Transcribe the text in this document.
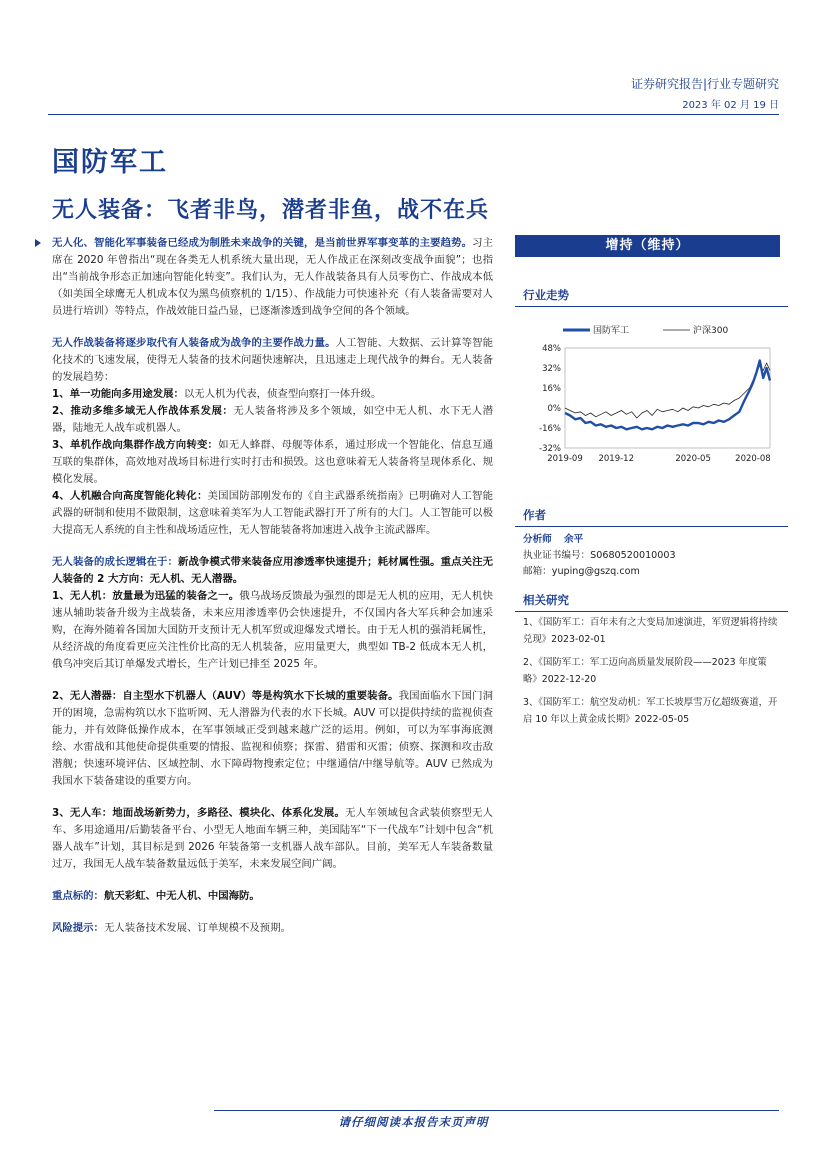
证券研究报告|行业专题研究
2023 年 02 月 19 日
国防军工
无人装备：飞者非鸟，潜者非鱼，战不在兵

无人化、智能化军事装备已经成为制胜未来战争的关键，是当前世界军事变革的主要趋势。习主席在 2020 年曾指出“现在各类无人机系统大量出现，无人作战正在深刻改变战争面貌”；也指出“当前战争形态正加速向智能化转变”。我们认为，无人作战装备具有人员零伤亡、作战成本低（如美国全球鹰无人机成本仅为黑鸟侦察机的 1/15）、作战能力可快速补充（有人装备需要对人员进行培训）等特点，作战效能日益凸显，已逐渐渗透到战争空间的各个领域。

无人作战装备将逐步取代有人装备成为战争的主要作战力量。人工智能、大数据、云计算等智能化技术的飞速发展，使得无人装备的技术问题快速解决，且迅速走上现代战争的舞台。无人装备的发展趋势：

1、单一功能向多用途发展：以无人机为代表，侦查型向察打一体升级。

2、推动多维多域无人作战体系发展：无人装备将涉及多个领域，如空中无人机、水下无人潜器，陆地无人战车或机器人。

3、单机作战向集群作战方向转变：如无人蜂群、母舰等体系，通过形成一个智能化、信息互通互联的集群体，高效地对战场目标进行实时打击和损毁。这也意味着无人装备将呈现体系化、规模化发展。

4、人机融合向高度智能化转化：美国国防部刚发布的《自主武器系统指南》已明确对人工智能武器的研制和使用不做限制，这意味着美军为人工智能武器打开了所有的大门。人工智能可以极大提高无人系统的自主性和战场适应性，无人智能装备将加速进入战争主流武器库。

无人装备的成长逻辑在于：新战争模式带来装备应用渗透率快速提升；耗材属性强。重点关注无人装备的 2 大方向：无人机、无人潜器。

1、无人机：放量最为迅猛的装备之一。俄乌战场反馈最为强烈的即是无人机的应用，无人机快速从辅助装备升级为主战装备，未来应用渗透率仍会快速提升，不仅国内各大军兵种会加速采购，在海外随着各国加大国防开支预计无人机军贸或迎爆发式增长。由于无人机的强消耗属性，从经济战的角度看更应关注性价比高的无人机装备，应用量更大，典型如 TB-2 低成本无人机，俄乌冲突后其订单爆发式增长，生产计划已排至 2025 年。

2、无人潜器：自主型水下机器人（AUV）等是构筑水下长城的重要装备。我国面临水下国门洞开的困境，急需构筑以水下监听网、无人潜器为代表的水下长城。AUV 可以提供持续的监视侦查能力，并有效降低操作成本，在军事领域正受到越来越广泛的运用。例如，可以为军事海底测绘、水雷战和其他使命提供重要的情报、监视和侦察；探雷、猎雷和灭雷；侦察、探测和攻击敌潜舰；快速环境评估、区域控制、水下障碍物搜索定位；中继通信/中继导航等。AUV 已然成为我国水下装备建设的重要方向。

3、无人车：地面战场新势力，多路径、模块化、体系化发展。无人车领域包含武装侦察型无人车、多用途通用/后勤装备平台、小型无人地面车辆三种，美国陆军“下一代战车”计划中包含“机器人战车”计划，其目标是到 2026 年装备第一支机器人战车部队。目前，美军无人车装备数量过万，我国无人战车装备数量远低于美军，未来发展空间广阔。

重点标的：航天彩虹、中无人机、中国海防。

风险提示：无人装备技术发展、订单规模不及预期。

增持（维持）
行业走势
国防军工	沪深300
48%
32%
16%
0%
-16%
-32%
2019-09 2019-12	2020-05	2020-08
作者
分析师 余平
执业证书编号：S0680520010003
邮箱：yuping@gszq.com
相关研究
1、《国防军工：百年未有之大变局加速演进，军贸逻辑将持续兑现》2023-02-01
2、《国防军工：军工迈向高质量发展阶段——2023 年度策略》2022-12-20
3、《国防军工：航空发动机：军工长坡厚雪万亿超级赛道，开启 10 年以上黄金成长期》2022-05-05
请仔细阅读本报告末页声明
